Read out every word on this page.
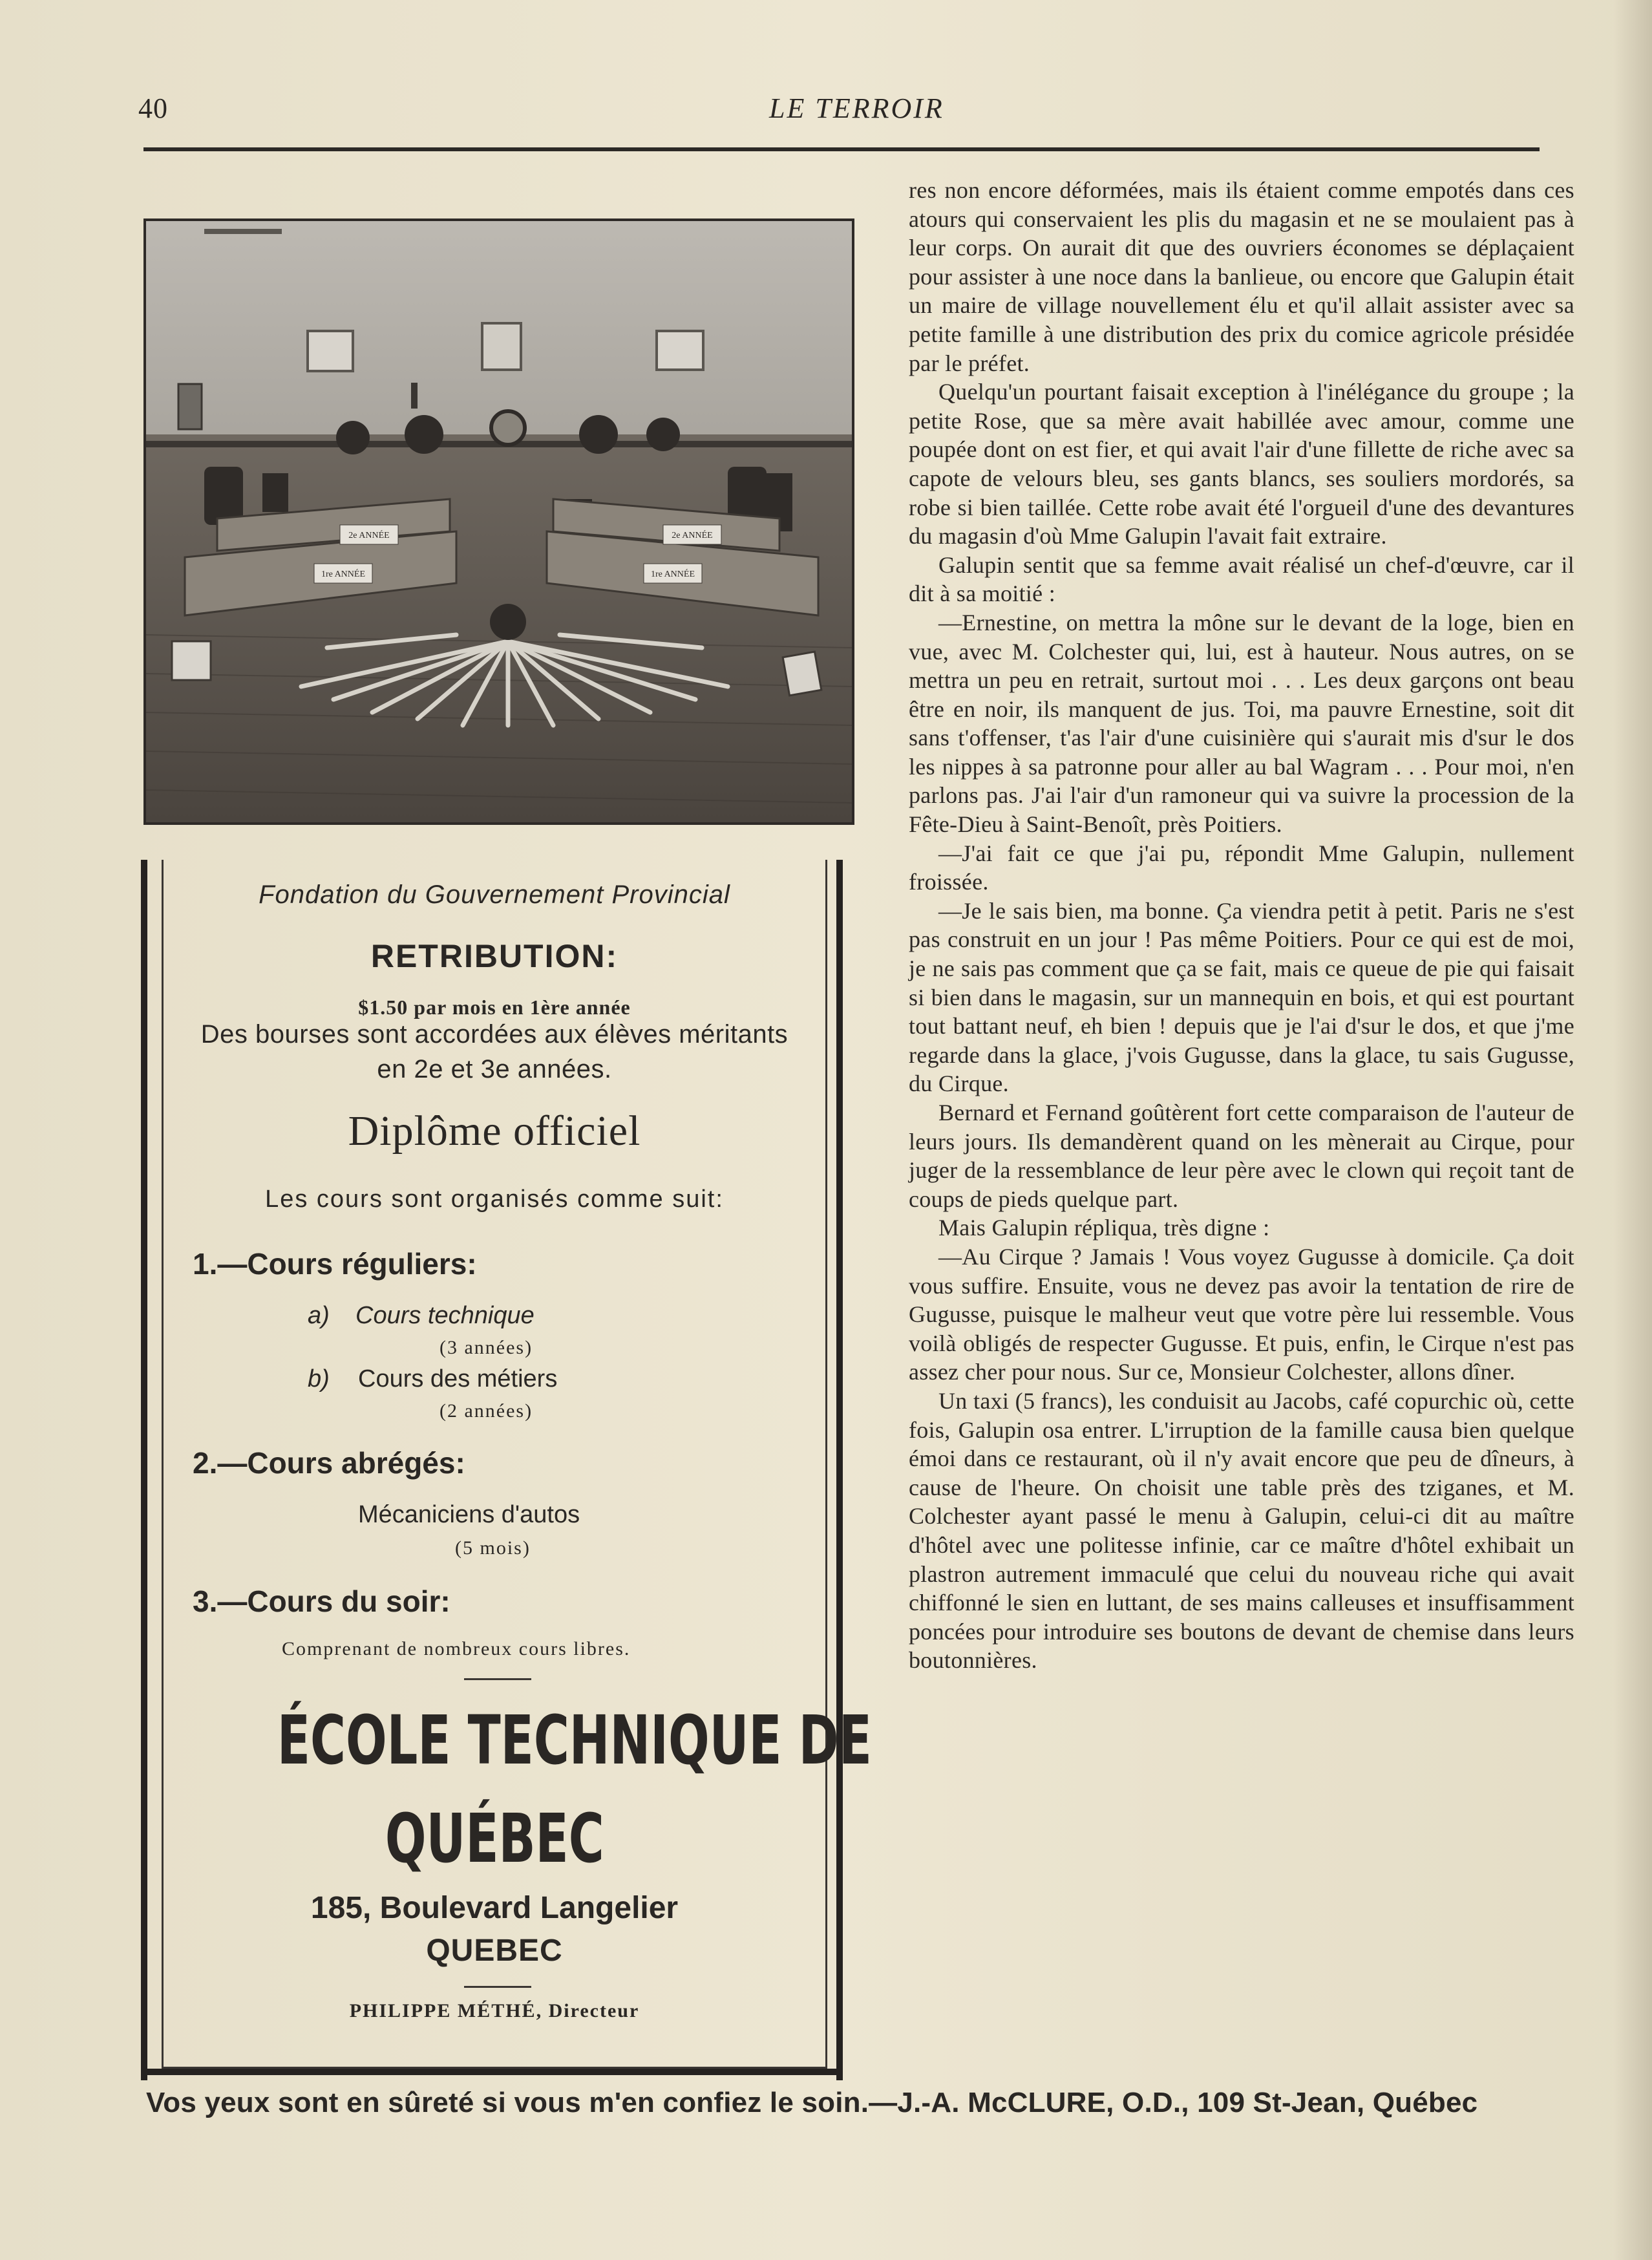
40	LE TERROIR
2e ANNÉE
1re ANNÉE
2e ANNÉE
1re ANNÉE
Fondation du Gouvernement Provincial
RETRIBUTION:
$1.50 par mois en 1ère année
Des bourses sont accordées aux élèves méritants
en 2e et 3e années.
Diplôme officiel
Les cours sont organisés comme suit:
1.—Cours réguliers:
a) Cours technique
(3 années)
b) Cours des métiers
(2 années)
2.—Cours abrégés:
Mécaniciens d'autos
(5 mois)
3.—Cours du soir:
Comprenant de nombreux cours libres.
ÉCOLE TECHNIQUE DE
QUÉBEC
185, Boulevard Langelier
QUEBEC
PHILIPPE MÉTHÉ, Directeur

res non encore déformées, mais ils étaient comme empotés dans ces atours qui conservaient les plis du magasin et ne se moulaient pas à leur corps. On aurait dit que des ouvriers économes se déplaçaient pour assister à une noce dans la banlieue, ou encore que Galupin était un maire de village nouvellement élu et qu'il allait assister avec sa petite famille à une distribution des prix du comice agricole présidée par le préfet.

Quelqu'un pourtant faisait exception à l'inélégance du groupe ; la petite Rose, que sa mère avait habillée avec amour, comme une poupée dont on est fier, et qui avait l'air d'une fillette de riche avec sa capote de velours bleu, ses gants blancs, ses souliers mordorés, sa robe si bien taillée. Cette robe avait été l'orgueil d'une des devantures du magasin d'où Mme Galupin l'avait fait extraire.

Galupin sentit que sa femme avait réalisé un chef-d'œuvre, car il dit à sa moitié :

—Ernestine, on mettra la mône sur le devant de la loge, bien en vue, avec M. Colchester qui, lui, est à hauteur. Nous autres, on se mettra un peu en retrait, surtout moi . . . Les deux garçons ont beau être en noir, ils manquent de jus. Toi, ma pauvre Ernestine, soit dit sans t'offenser, t'as l'air d'une cuisinière qui s'aurait mis d'sur le dos les nippes à sa patronne pour aller au bal Wagram . . . Pour moi, n'en parlons pas. J'ai l'air d'un ramoneur qui va suivre la procession de la Fête-Dieu à Saint-Benoît, près Poitiers.

—J'ai fait ce que j'ai pu, répondit Mme Galupin, nullement froissée.

—Je le sais bien, ma bonne. Ça viendra petit à petit. Paris ne s'est pas construit en un jour ! Pas même Poitiers. Pour ce qui est de moi, je ne sais pas comment que ça se fait, mais ce queue de pie qui faisait si bien dans le magasin, sur un mannequin en bois, et qui est pourtant tout battant neuf, eh bien ! depuis que je l'ai d'sur le dos, et que j'me regarde dans la glace, j'vois Gugusse, dans la glace, tu sais Gugusse, du Cirque.

Bernard et Fernand goûtèrent fort cette comparaison de l'auteur de leurs jours. Ils demandèrent quand on les mènerait au Cirque, pour juger de la ressemblance de leur père avec le clown qui reçoit tant de coups de pieds quelque part.

Mais Galupin répliqua, très digne :

—Au Cirque ? Jamais ! Vous voyez Gugusse à domicile. Ça doit vous suffire. Ensuite, vous ne devez pas avoir la tentation de rire de Gugusse, puisque le malheur veut que votre père lui ressemble. Vous voilà obligés de respecter Gugusse. Et puis, enfin, le Cirque n'est pas assez cher pour nous. Sur ce, Monsieur Colchester, allons dîner.

Un taxi (5 francs), les conduisit au Jacobs, café copurchic où, cette fois, Galupin osa entrer. L'irruption de la famille causa bien quelque émoi dans ce restaurant, où il n'y avait encore que peu de dîneurs, à cause de l'heure. On choisit une table près des tziganes, et M. Colchester ayant passé le menu à Galupin, celui-ci dit au maître d'hôtel avec une politesse infinie, car ce maître d'hôtel exhibait un plastron autrement immaculé que celui du nouveau riche qui avait chiffonné le sien en luttant, de ses mains calleuses et insuffisamment poncées pour introduire ses boutons de devant de chemise dans leurs boutonnières.

Vos yeux sont en sûreté si vous m'en confiez le soin.—J.-A. McCLURE, O.D., 109 St-Jean, Québec
